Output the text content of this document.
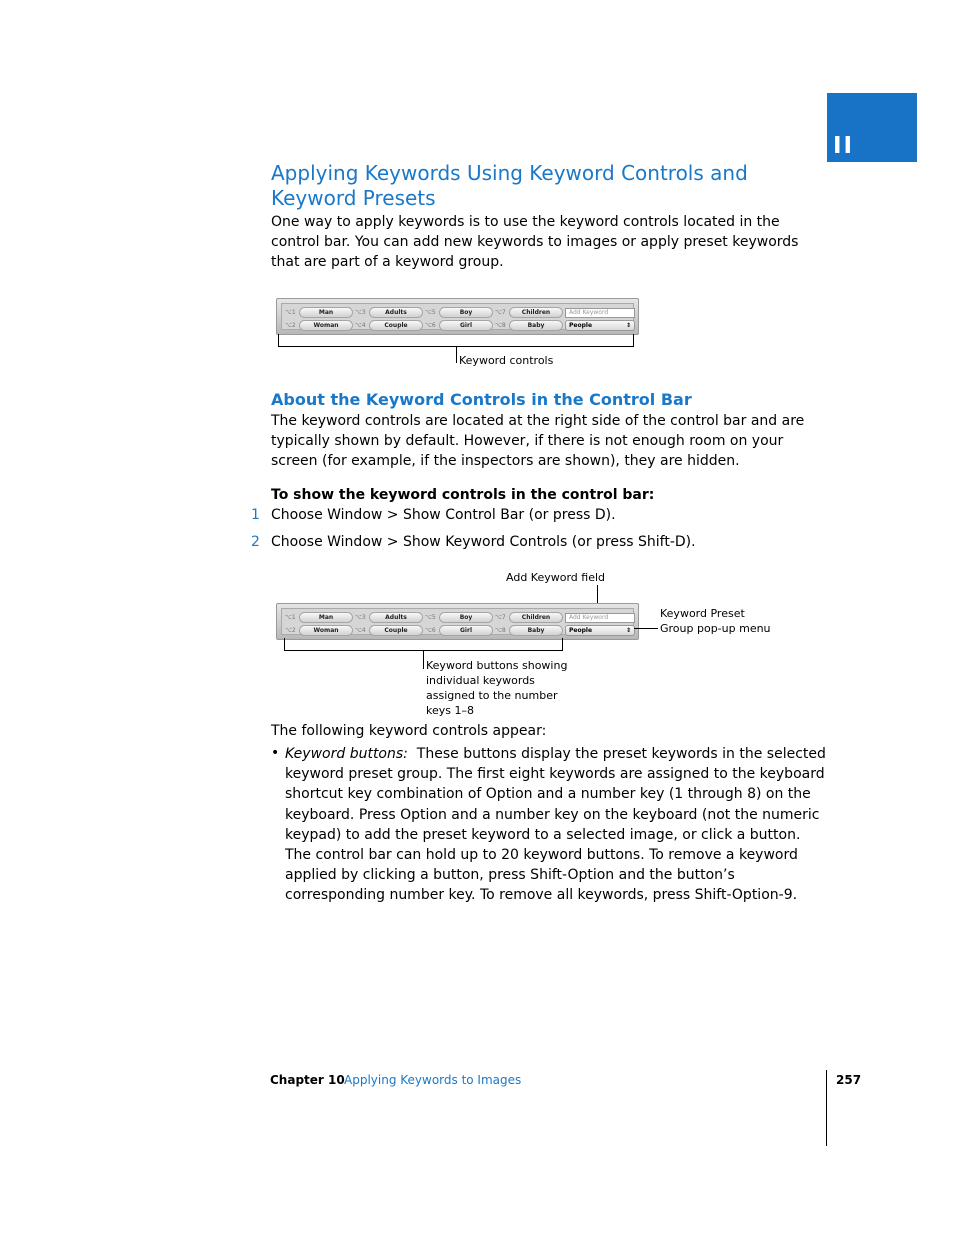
II
Applying Keywords Using Keyword Controls and Keyword Presets
One way to apply keywords is to use the keyword controls located in the control bar. You can add new keywords to images or apply preset keywords that are part of a keyword group.
⌥1	Man
⌥2	Woman
⌥3	Adults
⌥4	Couple
⌥5	Boy
⌥6	Girl
⌥7	Children
⌥8	Baby
Add Keyword
People	⇕
Keyword controls
About the Keyword Controls in the Control Bar
The keyword controls are located at the right side of the control bar and are typically shown by default. However, if there is not enough room on your screen (for example, if the inspectors are shown), they are hidden.
To show the keyword controls in the control bar:
1 Choose Window > Show Control Bar (or press D).
2 Choose Window > Show Keyword Controls (or press Shift-D).
Add Keyword field
⌥1	Man
⌥2	Woman
⌥3	Adults
⌥4	Couple
⌥5	Boy
⌥6	Girl
⌥7	Children
⌥8	Baby
Add Keyword
People	⇕
Keyword Preset Group pop-up menu
Keyword buttons showing individual keywords assigned to the number keys 1–8
The following keyword controls appear:
• Keyword buttons: These buttons display the preset keywords in the selected keyword preset group. The first eight keywords are assigned to the keyboard shortcut key combination of Option and a number key (1 through 8) on the keyboard. Press Option and a number key on the keyboard (not the numeric keypad) to add the preset keyword to a selected image, or click a button. The control bar can hold up to 20 keyword buttons. To remove a keyword applied by clicking a button, press Shift-Option and the button’s corresponding number key. To remove all keywords, press Shift-Option-9.
Chapter 10 Applying Keywords to Images	257
